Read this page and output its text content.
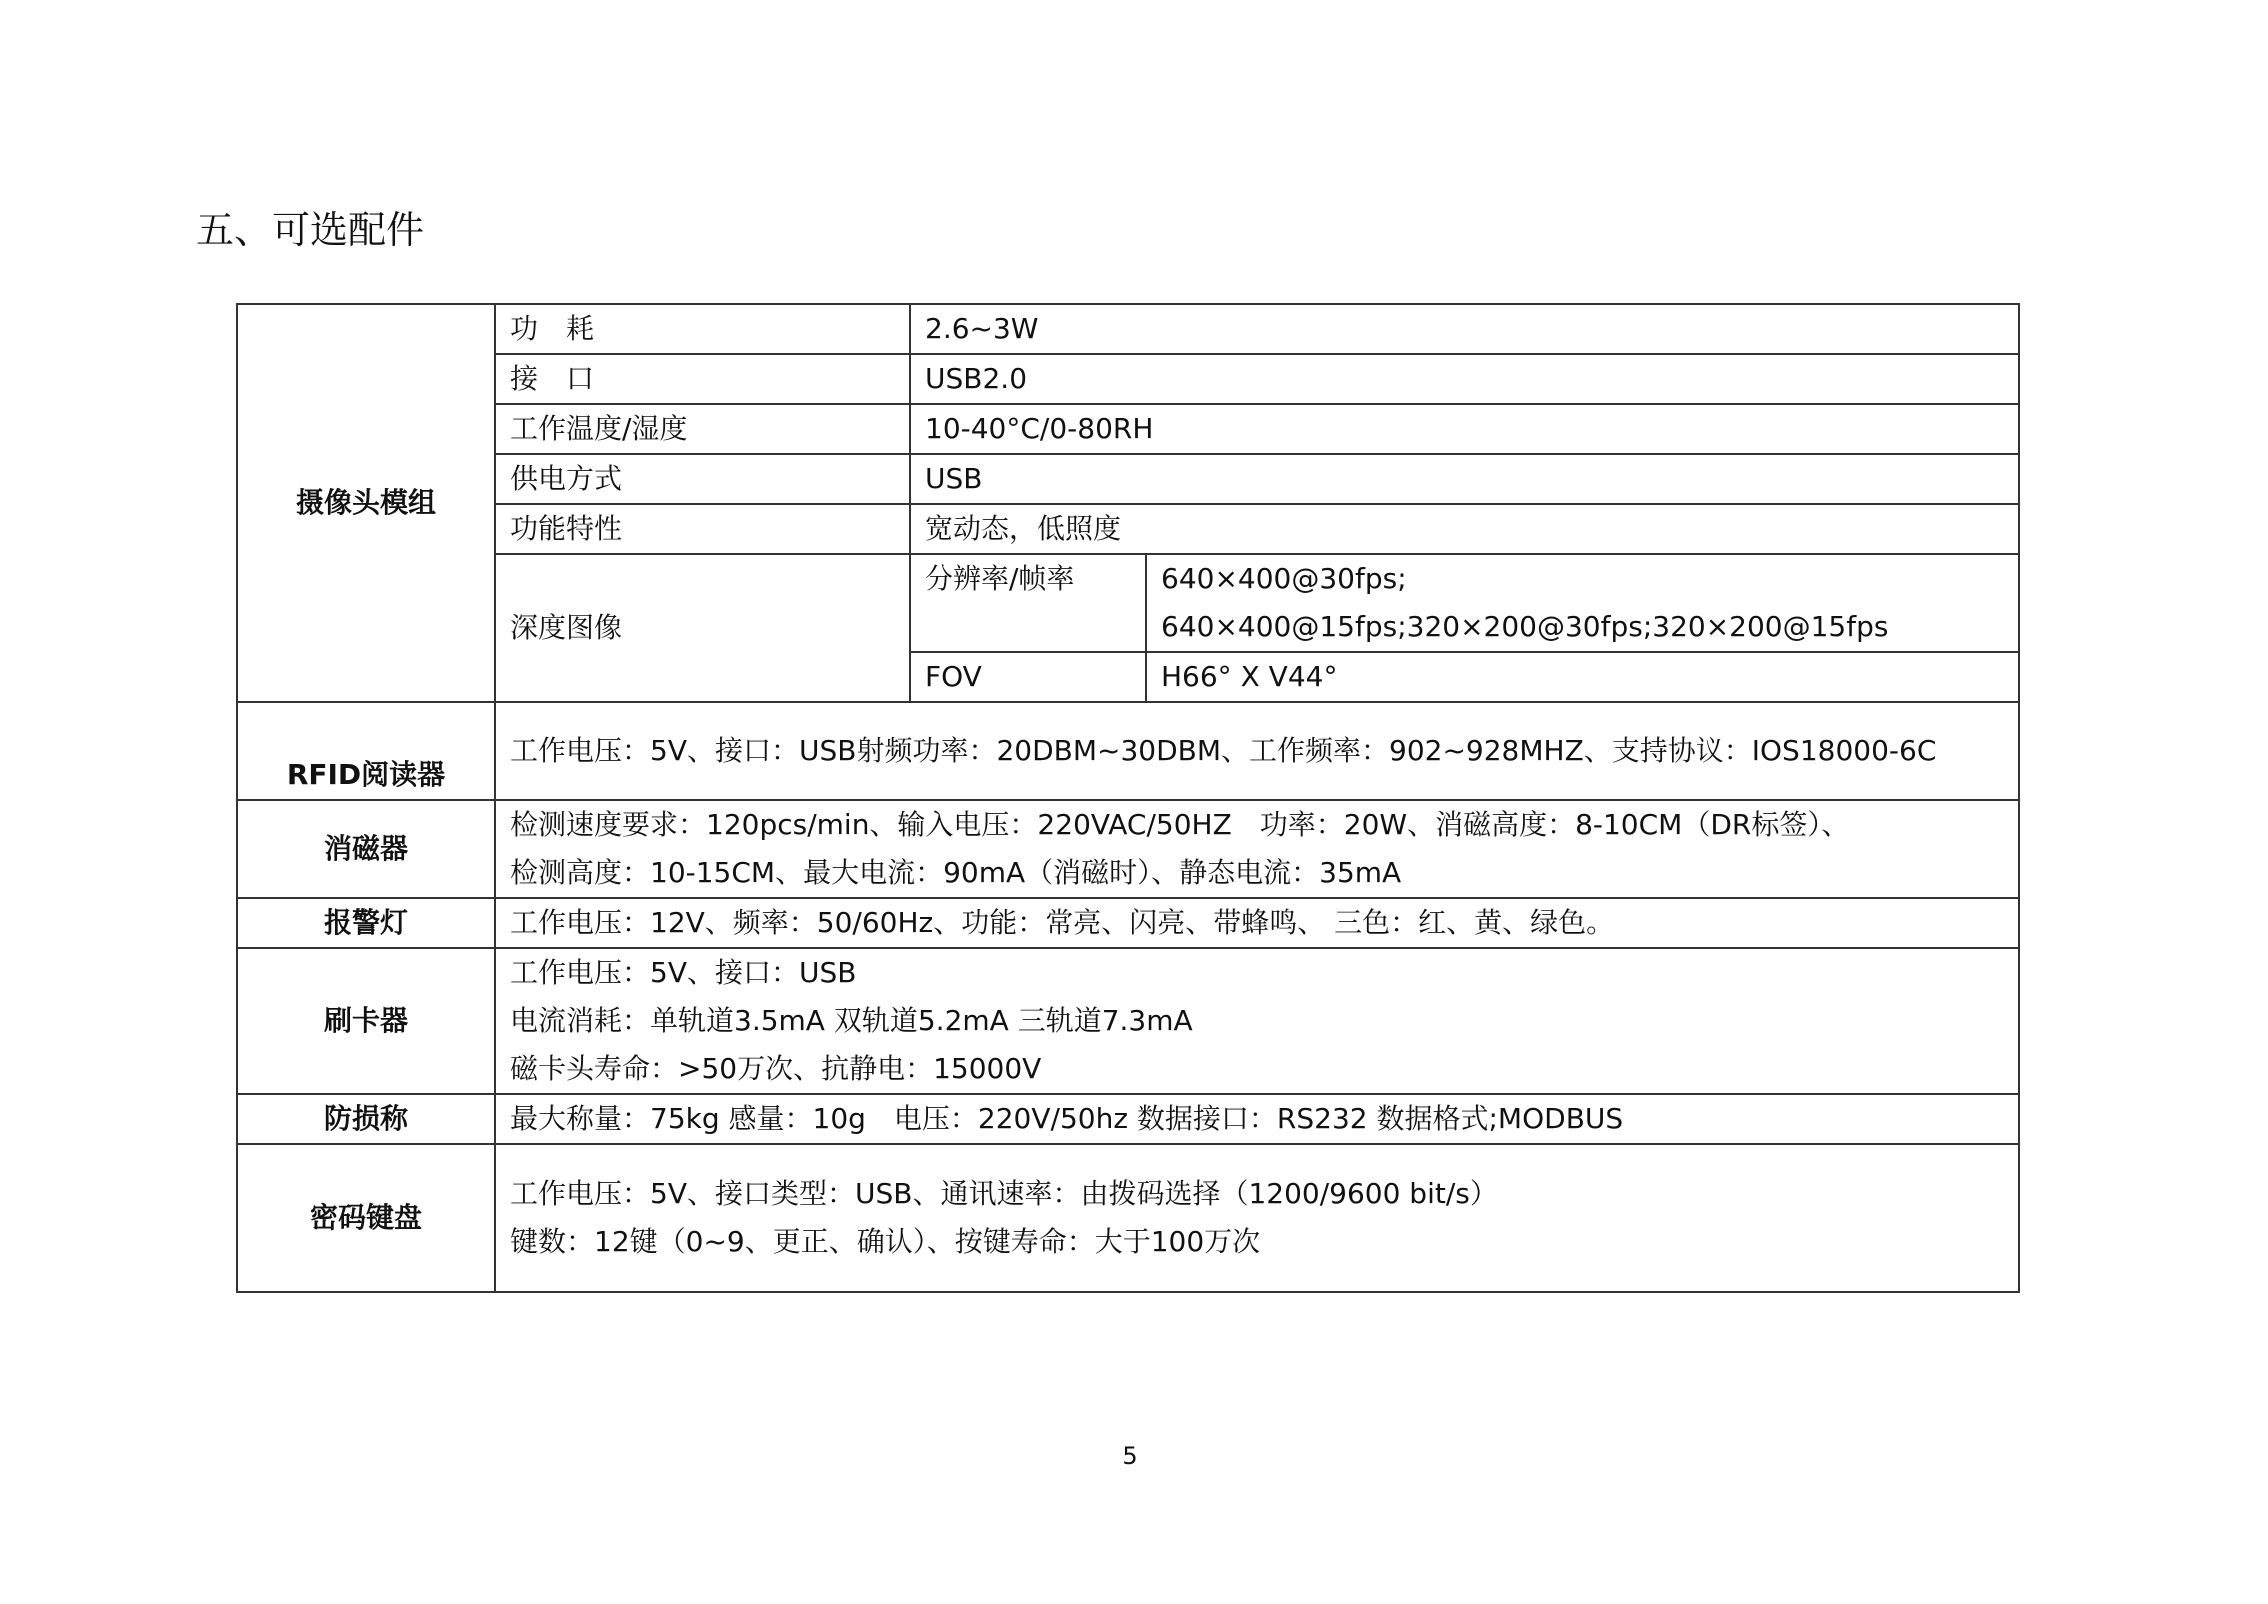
五、可选配件
摄像头模组	功　耗	2.6~3W	
	接　口	USB2.0	
	工作温度/湿度	10-40°C/0-80RH	
	供电方式	USB	
	功能特性	宽动态，低照度	
	深度图像	分辨率/帧率	640×400@30fps;
			640×400@15fps;320×200@30fps;320×200@15fps
		FOV	H66° X V44°
RFID阅读器	工作电压：5V、接口：USB射频功率：20DBM~30DBM、工作频率：902~928MHZ、支持协议：IOS18000-6C		
消磁器	检测速度要求：120pcs/min、输入电压：220VAC/50HZ　功率：20W、消磁高度：8-10CM（DR标签）、
检测高度：10-15CM、最大电流：90mA（消磁时）、静态电流：35mA		

报警灯	工作电压：12V、频率：50/60Hz、功能：常亮、闪亮、带蜂鸣、 三色：红、黄、绿色。		
刷卡器	工作电压：5V、接口：USB
电流消耗：单轨道3.5mA 双轨道5.2mA 三轨道7.3mA
磁卡头寿命：>50万次、抗静电：15000V		

防损称	最大称量：75kg 感量：10g　电压：220V/50hz 数据接口：RS232 数据格式;MODBUS		
密码键盘	工作电压：5V、接口类型：USB、通讯速率：由拨码选择（1200/9600 bit/s）
键数：12键（0~9、更正、确认）、按键寿命：大于100万次		
5
